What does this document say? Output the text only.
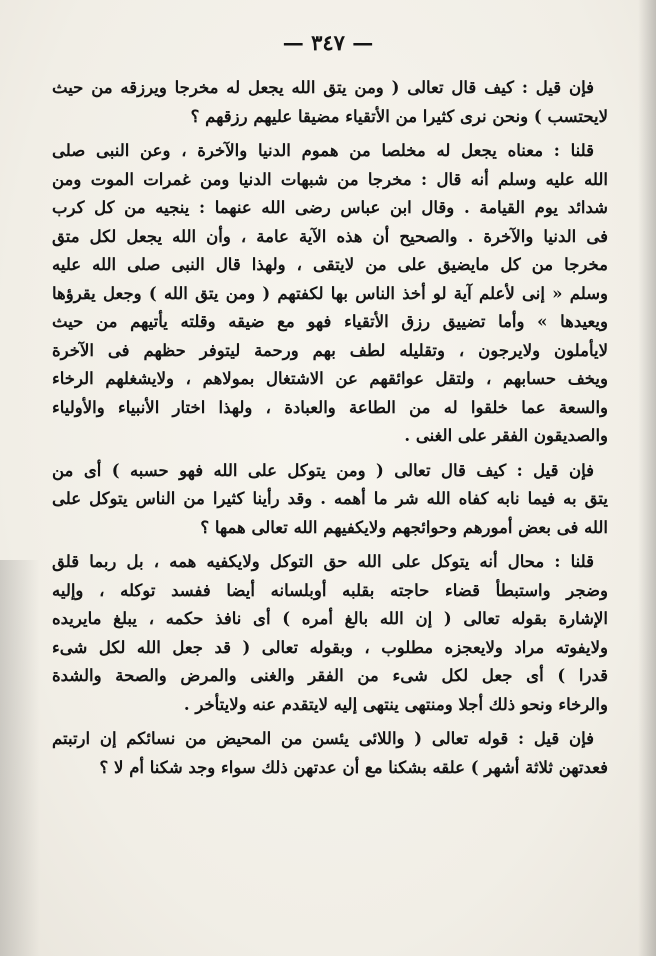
— ٣٤٧ —
فإن قيل : كيف قال تعالى ( ومن يتق الله يجعل له مخرجا ويرزقه من حيث
لايحتسب ) ونحن نرى كثيرا من الأتقياء مضيقا عليهم رزقهم ؟
قلنا : معناه يجعل له مخلصا من هموم الدنيا والآخرة ، وعن النبى صلى
الله عليه وسلم أنه قال : مخرجا من شبهات الدنيا ومن غمرات الموت ومن
شدائد يوم القيامة . وقال ابن عباس رضى الله عنهما : ينجيه من كل كرب
فى الدنيا والآخرة . والصحيح أن هذه الآية عامة ، وأن الله يجعل لكل متق
مخرجا من كل مايضيق على من لايتقى ، ولهذا قال النبى صلى الله عليه
وسلم « إنى لأعلم آية لو أخذ الناس بها لكفتهم ( ومن يتق الله ) وجعل يقرؤها
ويعيدها » وأما تضييق رزق الأتقياء فهو مع ضيقه وقلته يأتيهم من حيث
لايأملون ولايرجون ، وتقليله لطف بهم ورحمة ليتوفر حظهم فى الآخرة
ويخف حسابهم ، ولتقل عوائقهم عن الاشتغال بمولاهم ، ولايشغلهم الرخاء
والسعة عما خلقوا له من الطاعة والعبادة ، ولهذا اختار الأنبياء والأولياء
والصديقون الفقر على الغنى .
فإن قيل : كيف قال تعالى ( ومن يتوكل على الله فهو حسبه ) أى من
يتق به فيما نابه كفاه الله شر ما أهمه . وقد رأينا كثيرا من الناس يتوكل على
الله فى بعض أمورهم وحوائجهم ولايكفيهم الله تعالى همها ؟
قلنا : محال أنه يتوكل على الله حق التوكل ولايكفيه همه ، بل ربما قلق
وضجر واستبطأ قضاء حاجته بقلبه أوبلسانه أيضا ففسد توكله ، وإليه
الإشارة بقوله تعالى ( إن الله بالغ أمره ) أى نافذ حكمه ، يبلغ مايريده
ولايفوته مراد ولايعجزه مطلوب ، وبقوله تعالى ( قد جعل الله لكل شىء
قدرا ) أى جعل لكل شىء من الفقر والغنى والمرض والصحة والشدة
والرخاء ونحو ذلك أجلا ومنتهى ينتهى إليه لايتقدم عنه ولايتأخر .
فإن قيل : قوله تعالى ( واللائى يئسن من المحيض من نسائكم إن ارتبتم
فعدتهن ثلاثة أشهر ) علقه بشكنا مع أن عدتهن ذلك سواء وجد شكنا أم لا ؟
